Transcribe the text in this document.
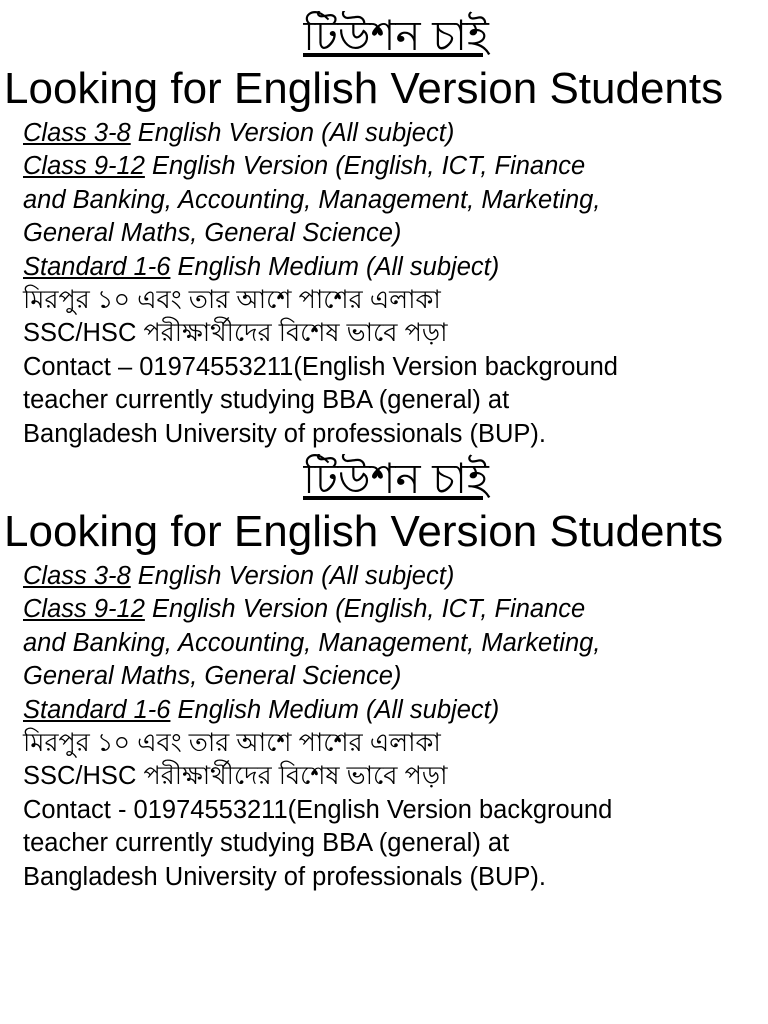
টিউশন চাই
Looking for English Version Students
Class 3-8 English Version (All subject)
Class 9-12 English Version (English, ICT, Finance
and Banking, Accounting, Management, Marketing,
General Maths, General Science)
Standard 1-6 English Medium (All subject)
মিরপুর ১০ এবং তার আশে পাশের এলাকা
SSC/HSC পরীক্ষার্থীদের বিশেষ ভাবে পড়া
Contact – 01974553211(English Version background
teacher currently studying BBA (general) at
Bangladesh University of professionals (BUP).
টিউশন চাই
Looking for English Version Students
Class 3-8 English Version (All subject)
Class 9-12 English Version (English, ICT, Finance
and Banking, Accounting, Management, Marketing,
General Maths, General Science)
Standard 1-6 English Medium (All subject)
মিরপুর ১০ এবং তার আশে পাশের এলাকা
SSC/HSC পরীক্ষার্থীদের বিশেষ ভাবে পড়া
Contact - 01974553211(English Version background
teacher currently studying BBA (general) at
Bangladesh University of professionals (BUP).
